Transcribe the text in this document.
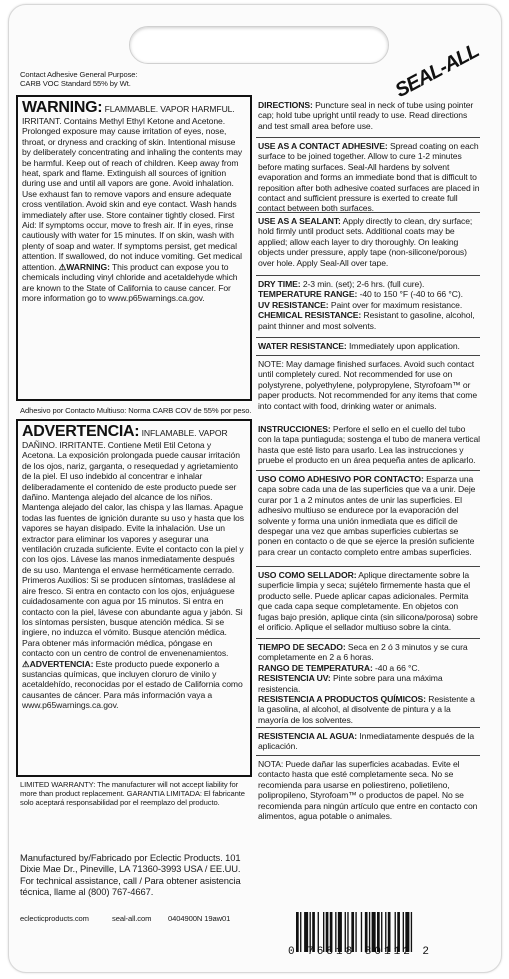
SEAL-ALL
Contact Adhesive General Purpose:
CARB VOC Standard 55% by Wt.
WARNING: FLAMMABLE. VAPOR HARMFUL. IRRITANT. Contains Methyl Ethyl Ketone and Acetone. Prolonged exposure may cause irritation of eyes, nose, throat, or dryness and cracking of skin. Intentional misuse by deliberately concentrating and inhaling the contents may be harmful. Keep out of reach of children. Keep away from heat, spark and flame. Extinguish all sources of ignition during use and until all vapors are gone. Avoid inhalation. Use exhaust fan to remove vapors and ensure adequate cross ventilation. Avoid skin and eye contact. Wash hands immediately after use. Store container tightly closed. First Aid: If symptoms occur, move to fresh air. If in eyes, rinse cautiously with water for 15 minutes. If on skin, wash with plenty of soap and water. If symptoms persist, get medical attention. If swallowed, do not induce vomiting. Get medical attention. ⚠WARNING: This product can expose you to chemicals including vinyl chloride and acetaldehyde which are known to the State of California to cause cancer. For more information go to www.p65warnings.ca.gov.
DIRECTIONS: Puncture seal in neck of tube using pointer cap; hold tube upright until ready to use. Read directions and test small area before use.
USE AS A CONTACT ADHESIVE: Spread coating on each surface to be joined together. Allow to cure 1-2 minutes before mating surfaces. Seal-All hardens by solvent evaporation and forms an immediate bond that is difficult to reposition after both adhesive coated surfaces are placed in contact and sufficient pressure is exerted to create full contact between both surfaces.
USE AS A SEALANT: Apply directly to clean, dry surface; hold firmly until product sets. Additional coats may be applied; allow each layer to dry thoroughly. On leaking objects under pressure, apply tape (non-silicone/porous) over hole. Apply Seal-All over tape.
DRY TIME: 2-3 min. (set); 2-6 hrs. (full cure).
TEMPERATURE RANGE: -40 to 150 °F (-40 to 66 °C).
UV RESISTANCE: Paint over for maximum resistance.
CHEMICAL RESISTANCE: Resistant to gasoline, alcohol, paint thinner and most solvents.
WATER RESISTANCE: Immediately upon application.
NOTE: May damage finished surfaces. Avoid such contact until completely cured. Not recommended for use on polystyrene, polyethylene, polypropylene, Styrofoam™ or paper products. Not recommended for any items that come into contact with food, drinking water or animals.
Adhesivo por Contacto Multiuso: Norma CARB COV de 55% por peso.
ADVERTENCIA: INFLAMABLE. VAPOR DAÑINO. IRRITANTE. Contiene Metil Etil Cetona y Acetona. La exposición prolongada puede causar irritación de los ojos, nariz, garganta, o resequedad y agrietamiento de la piel. El uso indebido al concentrar e inhalar deliberadamente el contenido de este producto puede ser dañino. Mantenga alejado del alcance de los niños. Mantenga alejado del calor, las chispa y las llamas. Apague todas las fuentes de ignición durante su uso y hasta que los vapores se hayan disipado. Evite la inhalación. Use un extractor para eliminar los vapores y asegurar una ventilación cruzada suficiente. Evite el contacto con la piel y con los ojos. Lávese las manos inmediatamente después de su uso. Mantenga el envase herméticamente cerrado. Primeros Auxilios: Si se producen síntomas, trasládese al aire fresco. Si entra en contacto con los ojos, enjuáguese cuidadosamente con agua por 15 minutos. Si entra en contacto con la piel, lávese con abundante agua y jabón. Si los síntomas persisten, busque atención médica. Si se ingiere, no induzca el vómito. Busque atención médica. Para obtener más información médica, póngase en contacto con un centro de control de envenenamientos. ⚠ADVERTENCIA: Este producto puede exponerlo a sustancias químicas, que incluyen cloruro de vinilo y acetaldehído, reconocidas por el estado de California como causantes de cáncer. Para más información vaya a www.p65warnings.ca.gov.
INSTRUCCIONES: Perfore el sello en el cuello del tubo con la tapa puntiaguda; sostenga el tubo de manera vertical hasta que esté listo para usarlo. Lea las instrucciones y pruebe el producto en un área pequeña antes de aplicarlo.
USO COMO ADHESIVO POR CONTACTO: Esparza una capa sobre cada una de las superficies que va a unir. Deje curar por 1 a 2 minutos antes de unir las superficies. El adhesivo multiuso se endurece por la evaporación del solvente y forma una unión inmediata que es difícil de despegar una vez que ambas superficies cubiertas se ponen en contacto o de que se ejerce la presión suficiente para crear un contacto completo entre ambas superficies.
USO COMO SELLADOR: Aplique directamente sobre la superficie limpia y seca; sujételo firmemente hasta que el producto selle. Puede aplicar capas adicionales. Permita que cada capa seque completamente. En objetos con fugas bajo presión, aplique cinta (sin silicona/porosa) sobre el orificio. Aplique el sellador multiuso sobre la cinta.
TIEMPO DE SECADO: Seca en 2 ó 3 minutos y se cura completamente en 2 a 6 horas.
RANGO DE TEMPERATURA: -40 a 66 °C.
RESISTENCIA UV: Pinte sobre para una máxima resistencia.
RESISTENCIA A PRODUCTOS QUÍMICOS: Resistente a la gasolina, al alcohol, al disolvente de pintura y a la mayoría de los solventes.
RESISTENCIA AL AGUA: Inmediatamente después de la aplicación.
NOTA: Puede dañar las superficies acabadas. Evite el contacto hasta que esté completamente seca. No se recomienda para usarse en poliestireno, polietileno, polipropileno, Styrofoam™ o productos de papel. No se recomienda para ningún artículo que entre en contacto con alimentos, agua potable o animales.
LIMITED WARRANTY: The manufacturer will not accept liability for more than product replacement. GARANTIA LIMITADA: El fabricante solo aceptará responsabilidad por el reemplazo del producto.
Manufactured by/Fabricado por Eclectic Products. 101 Dixie Mae Dr., Pineville, LA 71360-3993 USA / EE.UU. For technical assistance, call / Para obtener asistencia técnica, llame al (800) 767-4667.
eclecticproducts.com	seal-all.com 0404900N 19aw01
0 76818 80112 2
